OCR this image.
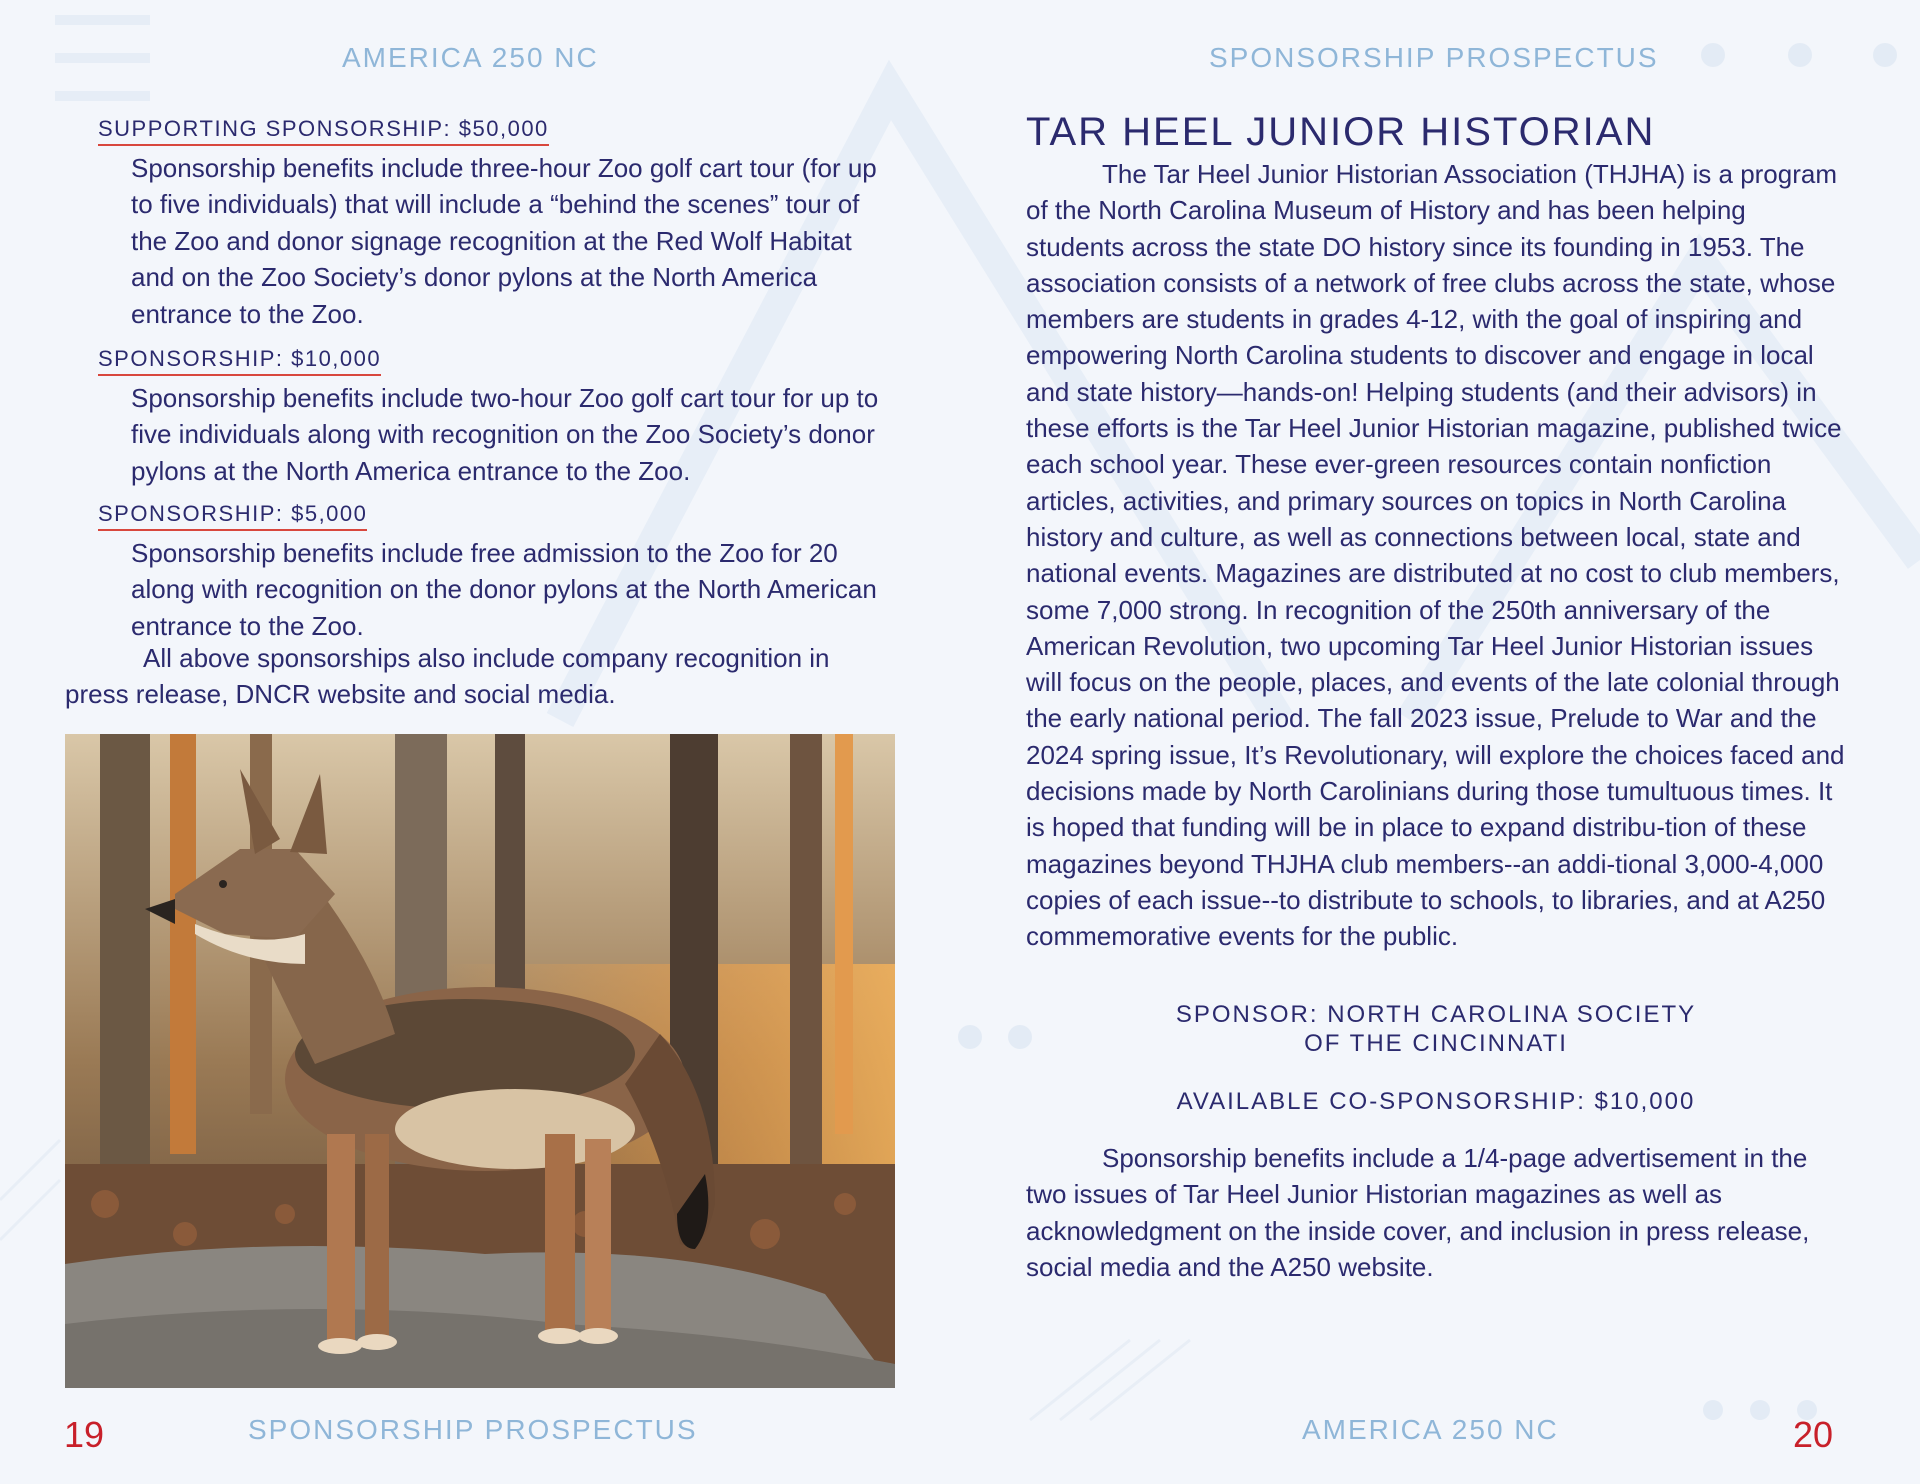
AMERICA 250 NC
SUPPORTING SPONSORSHIP: $50,000
Sponsorship benefits include three-hour Zoo golf cart tour (for up to five individuals) that will include a “behind the scenes” tour of the Zoo and donor signage recognition at the Red Wolf Habitat and on the Zoo Society’s donor pylons at the North America entrance to the Zoo.
SPONSORSHIP: $10,000
Sponsorship benefits include two-hour Zoo golf cart tour for up to five individuals along with recognition on the Zoo Society’s donor pylons at the North America entrance to the Zoo.
SPONSORSHIP: $5,000
Sponsorship benefits include free admission to the Zoo for 20 along with recognition on the donor pylons at the North American entrance to the Zoo.
All above sponsorships also include company recognition in press release, DNCR website and social media.
19	SPONSORSHIP PROSPECTUS
SPONSORSHIP PROSPECTUS
TAR HEEL JUNIOR HISTORIAN
The Tar Heel Junior Historian Association (THJHA) is a program of the North Carolina Museum of History and has been helping students across the state DO history since its founding in 1953. The association consists of a network of free clubs across the state, whose members are students in grades 4-12, with the goal of inspiring and empowering North Carolina students to discover and engage in local and state history—hands-on! Helping students (and their advisors) in these efforts is the Tar Heel Junior Historian magazine, published twice each school year. These ever-green resources contain nonfiction articles, activities, and primary sources on topics in North Carolina history and culture, as well as connections between local, state and national events. Magazines are distributed at no cost to club members, some 7,000 strong. In recognition of the 250th anniversary of the American Revolution, two upcoming Tar Heel Junior Historian issues will focus on the people, places, and events of the late colonial through the early national period. The fall 2023 issue, Prelude to War and the 2024 spring issue, It’s Revolutionary, will explore the choices faced and decisions made by North Carolinians during those tumultuous times. It is hoped that funding will be in place to expand distribu-tion of these magazines beyond THJHA club members--an addi-tional 3,000-4,000 copies of each issue--to distribute to schools, to libraries, and at A250 commemorative events for the public.
SPONSOR: NORTH CAROLINA SOCIETY
OF THE CINCINNATI
AVAILABLE CO-SPONSORSHIP: $10,000
Sponsorship benefits include a 1/4-page advertisement in the two issues of Tar Heel Junior Historian magazines as well as acknowledgment on the inside cover, and inclusion in press release, social media and the A250 website.
AMERICA 250 NC	20
